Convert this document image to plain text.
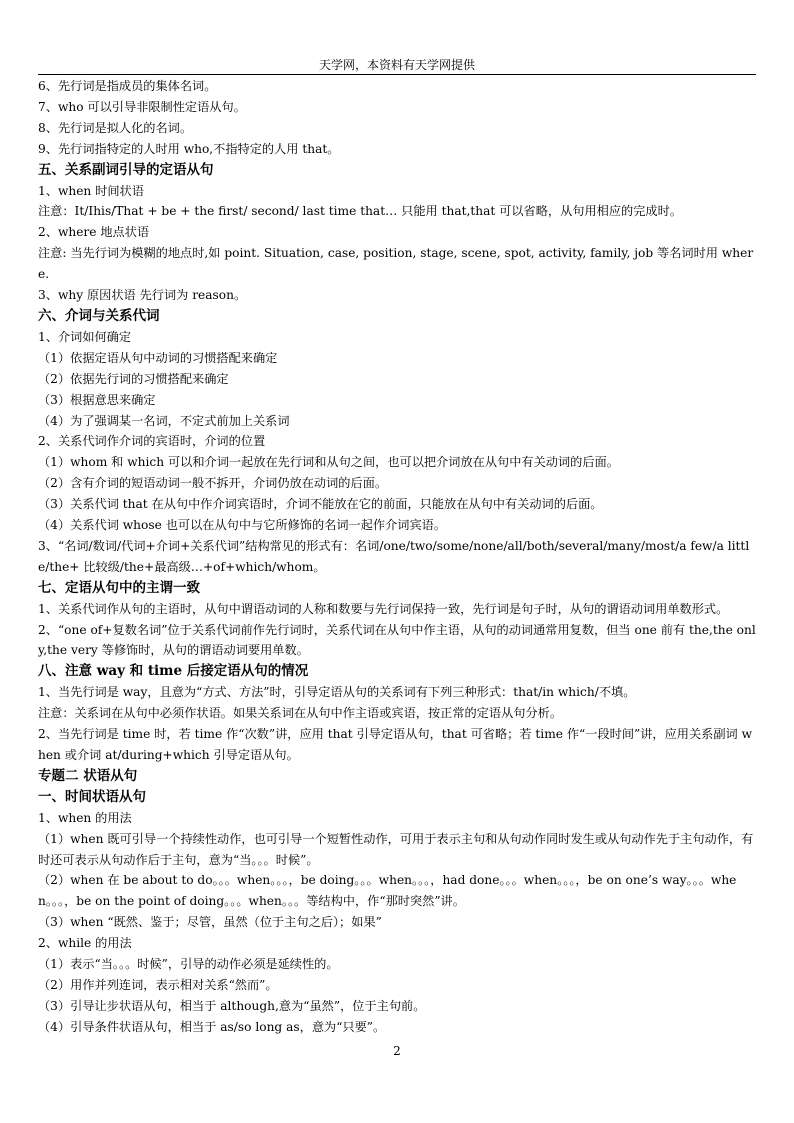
天学网，本资料有天学网提供

6、先行词是指成员的集体名词。

7、who 可以引导非限制性定语从句。

8、先行词是拟人化的名词。

9、先行词指特定的人时用 who,不指特定的人用 that。

五、关系副词引导的定语从句

1、when 时间状语

注意：It/Ihis/That + be + the first/ second/ last time that… 只能用 that,that 可以省略，从句用相应的完成时。

2、where 地点状语

注意: 当先行词为模糊的地点时,如 point. Situation, case, position, stage, scene, spot, activity, family, job 等名词时用 where.

3、why 原因状语 先行词为 reason。

六、介词与关系代词

1、介词如何确定

（1）依据定语从句中动词的习惯搭配来确定

（2）依据先行词的习惯搭配来确定

（3）根据意思来确定

（4）为了强调某一名词，不定式前加上关系词

2、关系代词作介词的宾语时，介词的位置

（1）whom 和 which 可以和介词一起放在先行词和从句之间，也可以把介词放在从句中有关动词的后面。

（2）含有介词的短语动词一般不拆开，介词仍放在动词的后面。

（3）关系代词 that 在从句中作介词宾语时，介词不能放在它的前面，只能放在从句中有关动词的后面。

（4）关系代词 whose 也可以在从句中与它所修饰的名词一起作介词宾语。

3、“名词/数词/代词+介词+关系代词”结构常见的形式有：名词/one/two/some/none/all/both/several/many/most/a few/a little/the+ 比较级/the+最高级…+of+which/whom。

七、定语从句中的主谓一致

1、关系代词作从句的主语时，从句中谓语动词的人称和数要与先行词保持一致，先行词是句子时，从句的谓语动词用单数形式。

2、“one of+复数名词”位于关系代词前作先行词时，关系代词在从句中作主语，从句的动词通常用复数，但当 one 前有 the,the only,the very 等修饰时，从句的谓语动词要用单数。

八、注意 way 和 time 后接定语从句的情况

1、当先行词是 way，且意为“方式、方法”时，引导定语从句的关系词有下列三种形式：that/in which/不填。

注意：关系词在从句中必须作状语。如果关系词在从句中作主语或宾语，按正常的定语从句分析。

2、当先行词是 time 时，若 time 作“次数”讲，应用 that 引导定语从句，that 可省略；若 time 作“一段时间”讲，应用关系副词 when 或介词 at/during+which 引导定语从句。

专题二 状语从句

一、时间状语从句

1、when 的用法

（1）when 既可引导一个持续性动作，也可引导一个短暂性动作，可用于表示主句和从句动作同时发生或从句动作先于主句动作，有时还可表示从句动作后于主句，意为“当。。。时候”。

（2）when 在 be about to do。。。when。。。，be doing。。。when。。。，had done。。。when。。。，be on one’s way。。。when。。。，be on the point of doing。。。when。。。等结构中，作“那时突然”讲。

（3）when “既然、鉴于；尽管，虽然（位于主句之后）；如果”

2、while 的用法

（1）表示“当。。。时候”，引导的动作必须是延续性的。

（2）用作并列连词，表示相对关系“然而”。

（3）引导让步状语从句，相当于 although,意为“虽然”，位于主句前。

（4）引导条件状语从句，相当于 as/so long as，意为“只要”。

2
